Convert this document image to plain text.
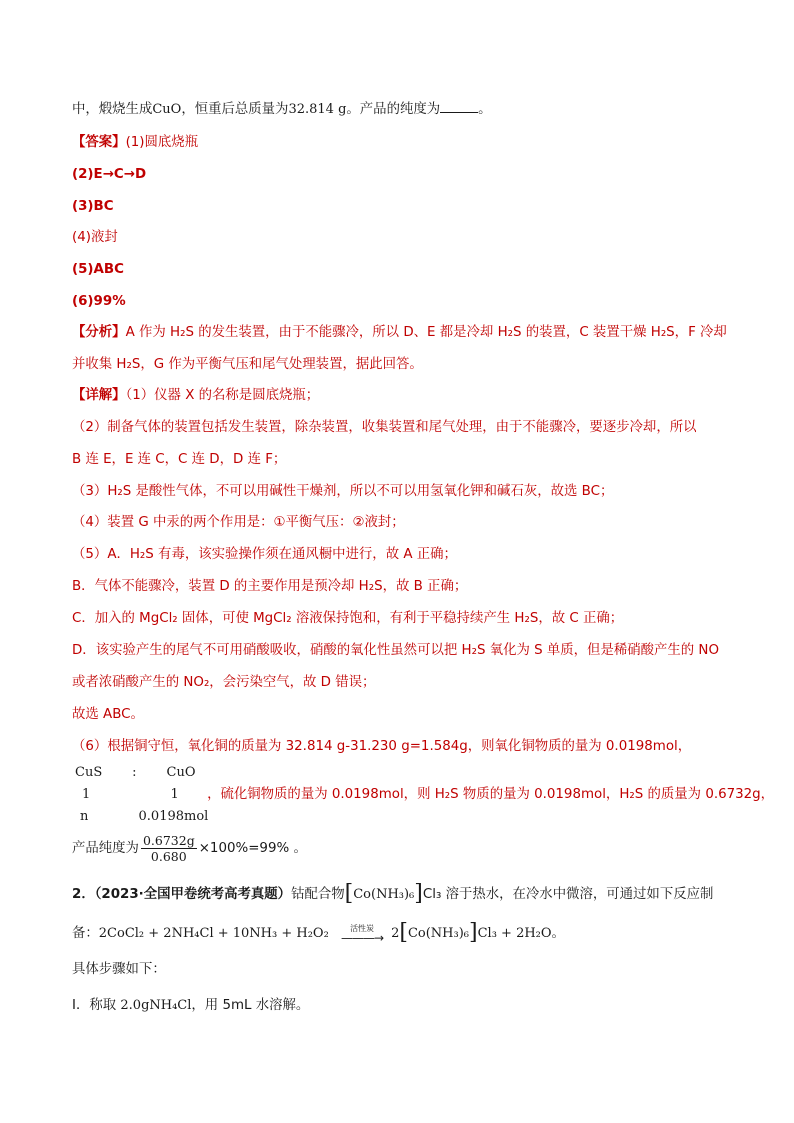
中，煅烧生成CuO，恒重后总质量为32.814 g。产品的纯度为	。
【答案】(1)圆底烧瓶
(2)E→C→D
(3)BC
(4)液封
(5)ABC
(6)99%
【分析】A 作为 H₂S 的发生装置，由于不能骤冷，所以 D、E 都是冷却 H₂S 的装置，C 装置干燥 H₂S，F 冷却
并收集 H₂S，G 作为平衡气压和尾气处理装置，据此回答。
【详解】（1）仪器 X 的名称是圆底烧瓶；
（2）制备气体的装置包括发生装置，除杂装置，收集装置和尾气处理，由于不能骤冷，要逐步冷却，所以
B 连 E，E 连 C，C 连 D，D 连 F；
（3）H₂S 是酸性气体，不可以用碱性干燥剂，所以不可以用氢氧化钾和碱石灰，故选 BC；
（4）装置 G 中汞的两个作用是：①平衡气压：②液封；
（5）A．H₂S 有毒，该实验操作须在通风橱中进行，故 A 正确；
B．气体不能骤冷，装置 D 的主要作用是预冷却 H₂S，故 B 正确；
C．加入的 MgCl₂ 固体，可使 MgCl₂ 溶液保持饱和，有利于平稳持续产生 H₂S，故 C 正确；
D．该实验产生的尾气不可用硝酸吸收，硝酸的氧化性虽然可以把 H₂S 氧化为 S 单质，但是稀硝酸产生的 NO
或者浓硝酸产生的 NO₂，会污染空气，故 D 错误；
故选 ABC。
（6）根据铜守恒，氧化铜的质量为 32.814 g-31.230 g=1.584g，则氧化铜物质的量为 0.0198mol，
CuS : CuO
1	1 ，硫化铜物质的量为 0.0198mol，则 H₂S 物质的量为 0.0198mol，H₂S 的质量为 0.6732g，
n	0.0198mol
产品纯度为 $\frac{0.6732g}{0.680} \times 100\%=99\%$ 。
2．（2023·全国甲卷统考高考真题）钴配合物[Co(NH₃)₆]Cl₃ 溶于热水，在冷水中微溶，可通过如下反应制
备：2CoCl₂ + 2NH₄Cl + 10NH₃ + H₂O₂	活性炭
———→ 2[Co(NH₃)₆]Cl₃ + 2H₂O。
具体步骤如下：
Ⅰ．称取 2.0gNH₄Cl，用 5mL 水溶解。
